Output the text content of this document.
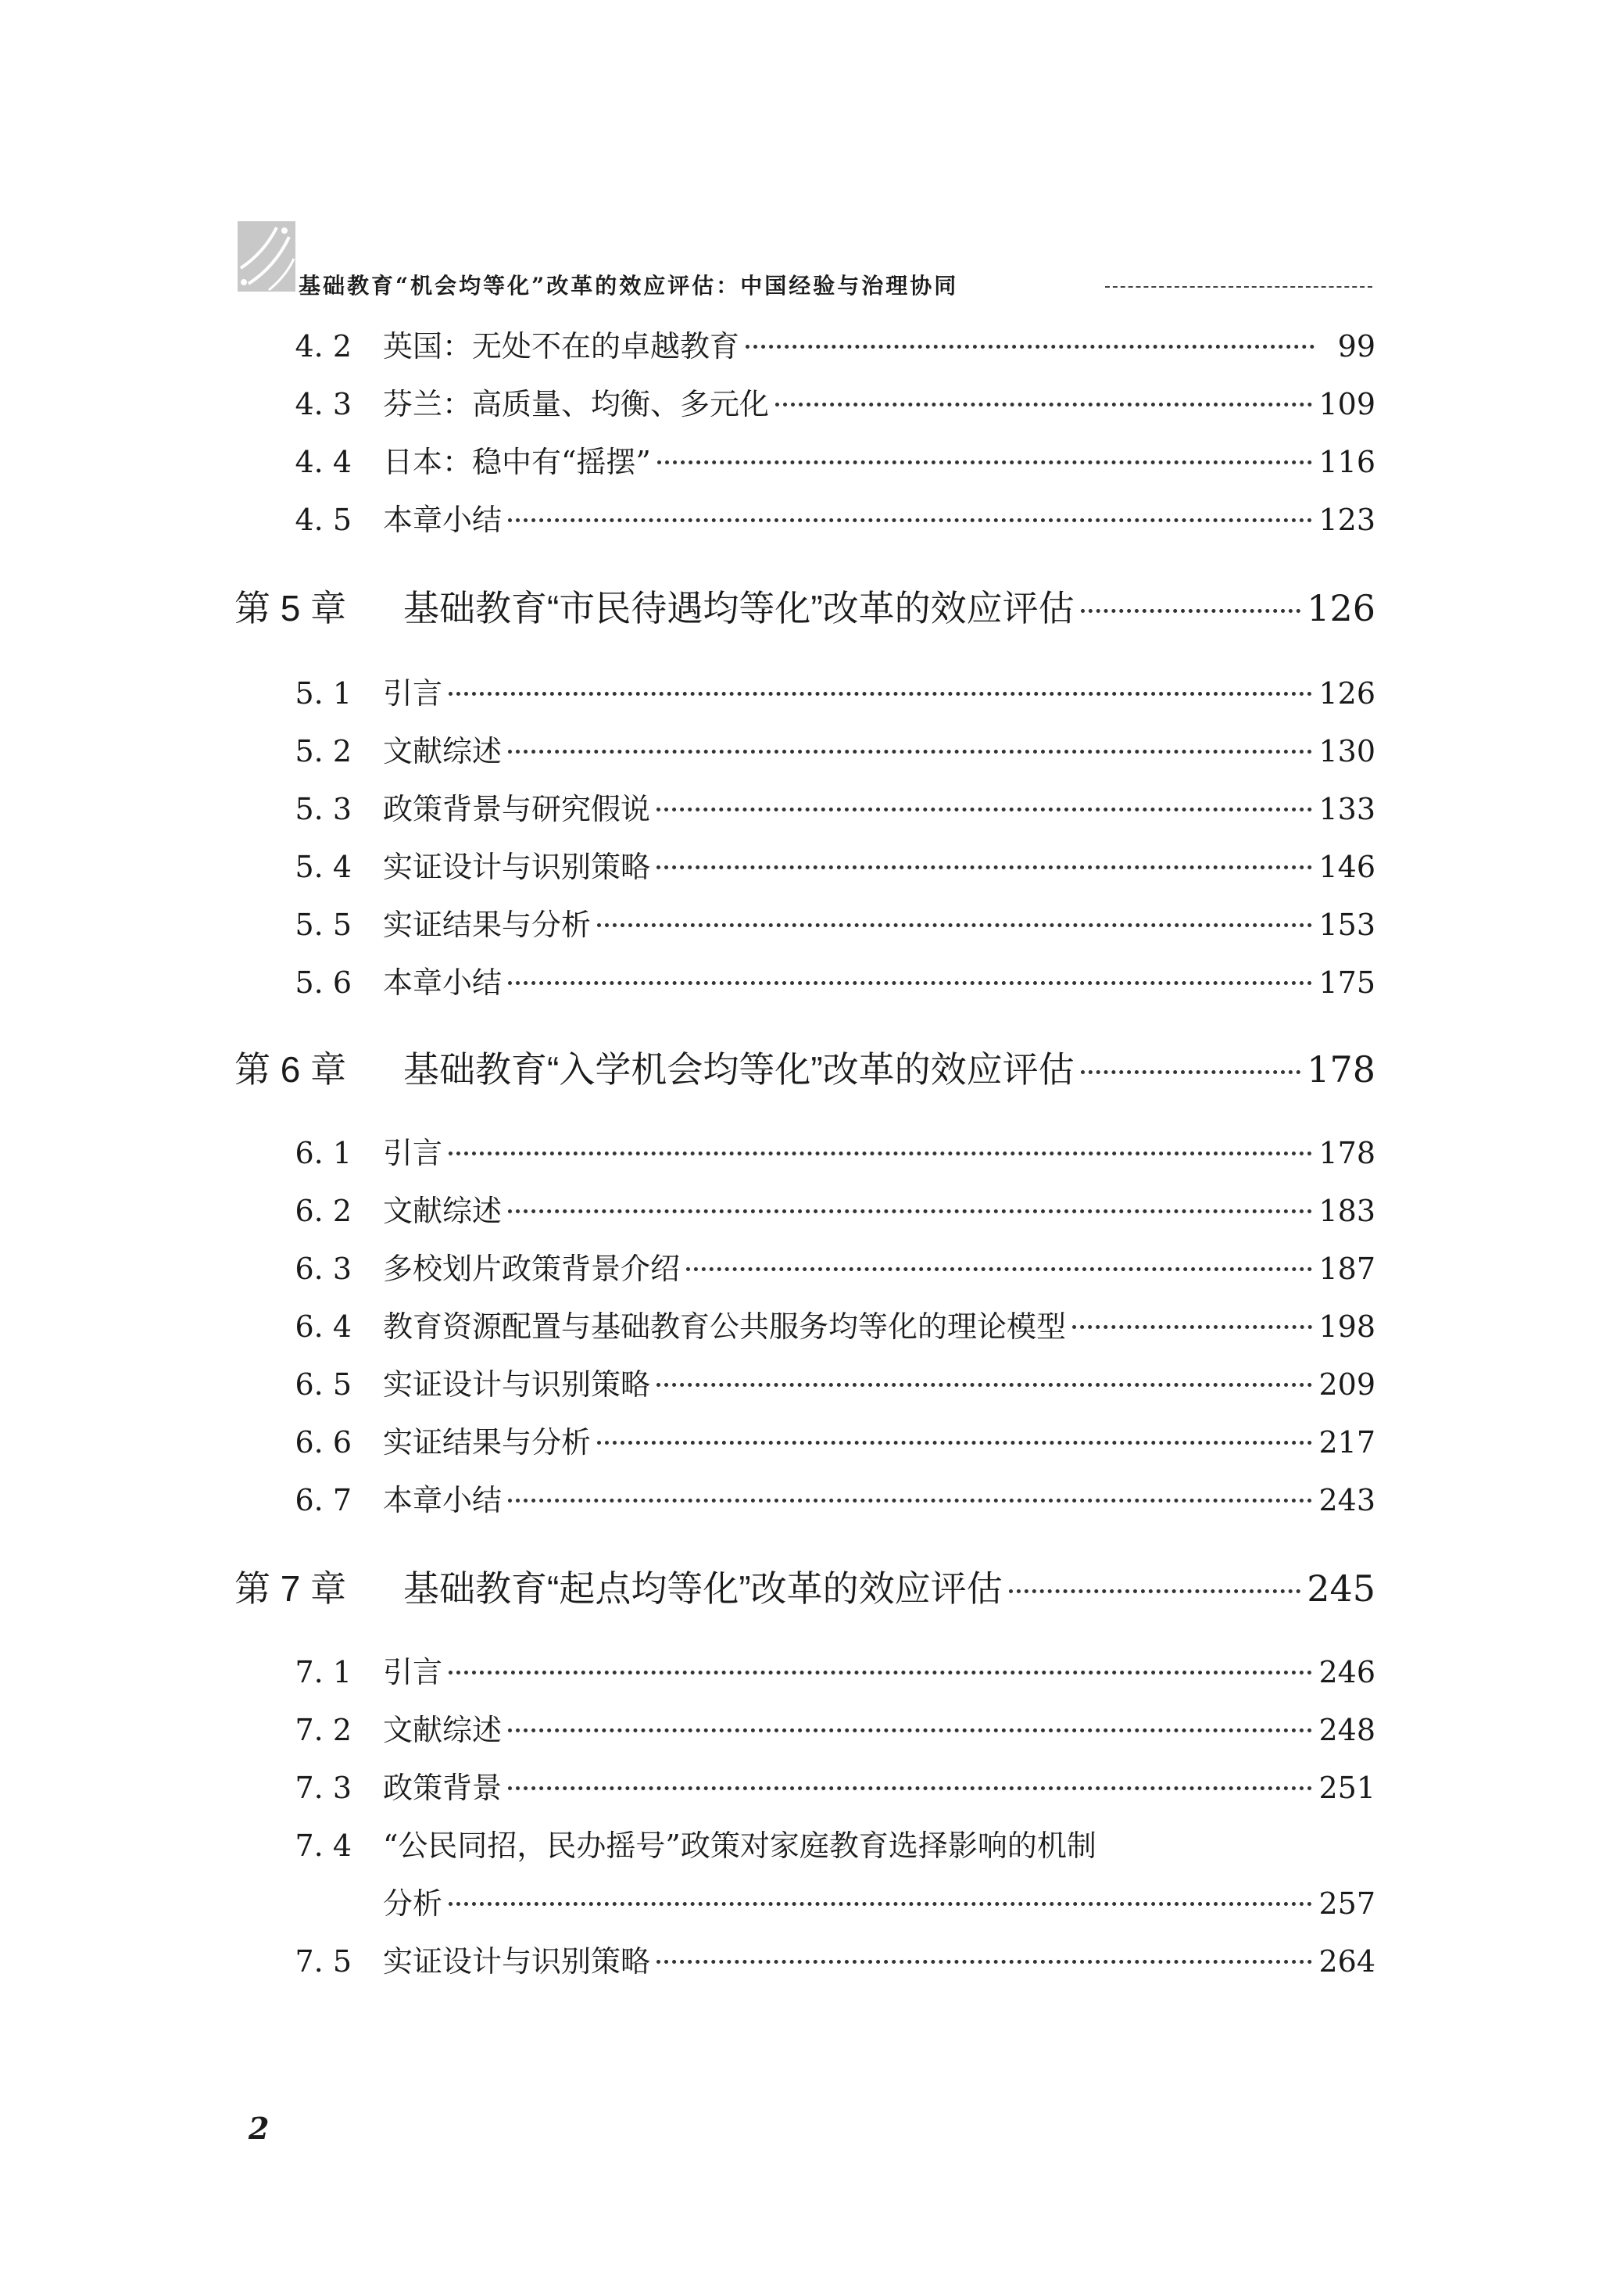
基础教育“机会均等化”改革的效应评估：中国经验与治理协同
4. 2	英国：无处不在的卓越教育	99
4. 3	芬兰：高质量、均衡、多元化	109
4. 4	日本：稳中有“摇摆”	116
4. 5	本章小结	123
第 5 章	基础教育“市民待遇均等化”改革的效应评估	126
5. 1	引言	126
5. 2	文献综述	130
5. 3	政策背景与研究假说	133
5. 4	实证设计与识别策略	146
5. 5	实证结果与分析	153
5. 6	本章小结	175
第 6 章	基础教育“入学机会均等化”改革的效应评估	178
6. 1	引言	178
6. 2	文献综述	183
6. 3	多校划片政策背景介绍	187
6. 4	教育资源配置与基础教育公共服务均等化的理论模型	198
6. 5	实证设计与识别策略	209
6. 6	实证结果与分析	217
6. 7	本章小结	243
第 7 章	基础教育“起点均等化”改革的效应评估	245
7. 1	引言	246
7. 2	文献综述	248
7. 3	政策背景	251
7. 4	“公民同招，民办摇号”政策对家庭教育选择影响的机制
分析	257
7. 5	实证设计与识别策略	264
2
